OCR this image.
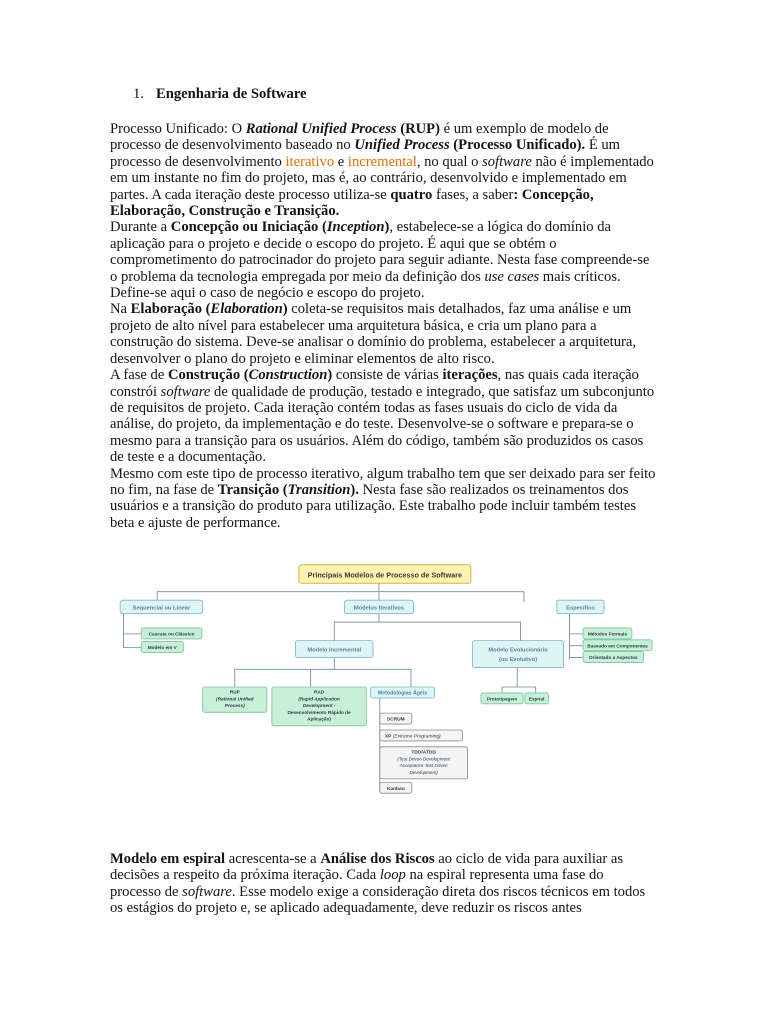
1. Engenharia de Software

Processo Unificado: O Rational Unified Process (RUP) é um exemplo de modelo de processo de desenvolvimento baseado no Unified Process (Processo Unificado). É um processo de desenvolvimento iterativo e incremental, no qual o software não é implementado em um instante no fim do projeto, mas é, ao contrário, desenvolvido e implementado em partes. A cada iteração deste processo utiliza-se quatro fases, a saber: Concepção, Elaboração, Construção e Transição.

Durante a Concepção ou Iniciação (Inception), estabelece-se a lógica do domínio da aplicação para o projeto e decide o escopo do projeto. É aqui que se obtém o comprometimento do patrocinador do projeto para seguir adiante. Nesta fase compreende-se o problema da tecnologia empregada por meio da definição dos use cases mais críticos. Define-se aqui o caso de negócio e escopo do projeto.

Na Elaboração (Elaboration) coleta-se requisitos mais detalhados, faz uma análise e um projeto de alto nível para estabelecer uma arquitetura básica, e cria um plano para a construção do sistema. Deve-se analisar o domínio do problema, estabelecer a arquitetura, desenvolver o plano do projeto e eliminar elementos de alto risco.

A fase de Construção (Construction) consiste de várias iterações, nas quais cada iteração constrói software de qualidade de produção, testado e integrado, que satisfaz um subconjunto de requisitos de projeto. Cada iteração contém todas as fases usuais do ciclo de vida da análise, do projeto, da implementação e do teste. Desenvolve-se o software e prepara-se o mesmo para a transição para os usuários. Além do código, também são produzidos os casos de teste e a documentação.

Mesmo com este tipo de processo iterativo, algum trabalho tem que ser deixado para ser feito no fim, na fase de Transição (Transition). Nesta fase são realizados os treinamentos dos usuários e a transição do produto para utilização. Este trabalho pode incluir também testes beta e ajuste de performance.

Principais Modelos de Processo de Software
Sequencial ou Linear	Modelos Iterativos	Específico
Métodos Formais
Baseado em Componentes
Orientado a Aspectos
Cascata ou Clássico
Modelo em V	Modelo Incremental	Modelo Evolucionário
(ou Evolutivo)
RUP
(Rational Unified
Process)
RAD
(Rapid Application
Development -
Desenvolvimento Rápido de
Aplicação)
Metodologias Ágeis
Prototipagem Espiral
SCRUM
XP (Extreme Programing)
TDD/ATDD
(Test Driven Development
Acceptance Test Driven
Development)
Kanban

Modelo em espiral acrescenta-se a Análise dos Riscos ao ciclo de vida para auxiliar as decisões a respeito da próxima iteração. Cada loop na espiral representa uma fase do processo de software. Esse modelo exige a consideração direta dos riscos técnicos em todos os estágios do projeto e, se aplicado adequadamente, deve reduzir os riscos antes
